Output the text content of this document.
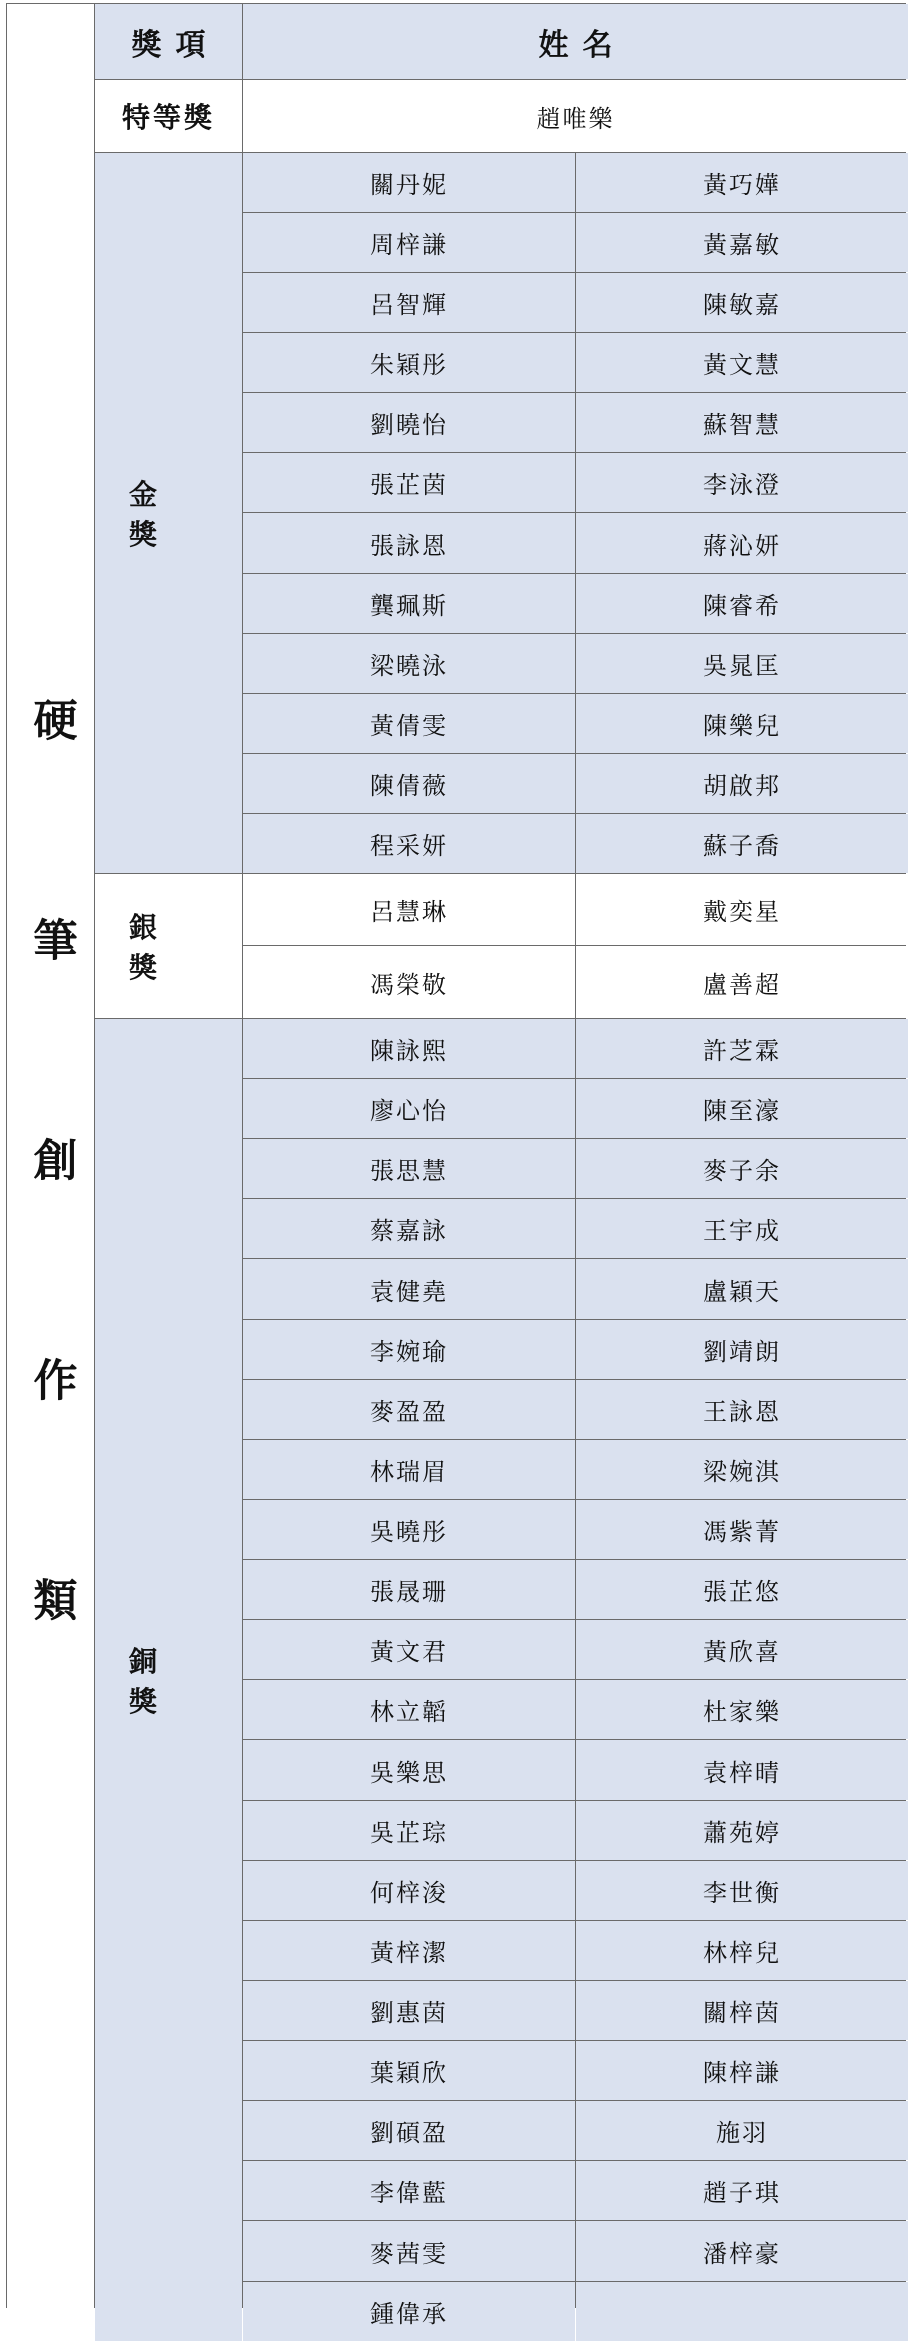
硬筆創作類
獎項	姓名
特等獎	趙唯樂
金獎
關丹妮	黃巧嬅
周梓謙	黃嘉敏
呂智輝	陳敏嘉
朱穎彤	黃文慧
劉曉怡	蘇智慧
張芷茵	李泳澄
張詠恩	蔣沁妍
龔珮斯	陳睿希
梁曉泳	吳晁匡
黃倩雯	陳樂兒
陳倩薇	胡啟邦
程采妍	蘇子喬
銀獎
呂慧琳	戴奕星
馮榮敬	盧善超
銅獎
陳詠熙	許芝霖
廖心怡	陳至濠
張思慧	麥子余
蔡嘉詠	王宇成
袁健堯	盧穎天
李婉瑜	劉靖朗
麥盈盈	王詠恩
林瑞眉	梁婉淇
吳曉彤	馮紫菁
張晟珊	張芷悠
黃文君	黃欣喜
林立韜	杜家樂
吳樂思	袁梓晴
吳芷琮	蕭苑婷
何梓浚	李世衡
黃梓潔	林梓兒
劉惠茵	關梓茵
葉穎欣	陳梓謙
劉碩盈	施羽
李偉藍	趙子琪
麥茜雯	潘梓豪
鍾偉承
